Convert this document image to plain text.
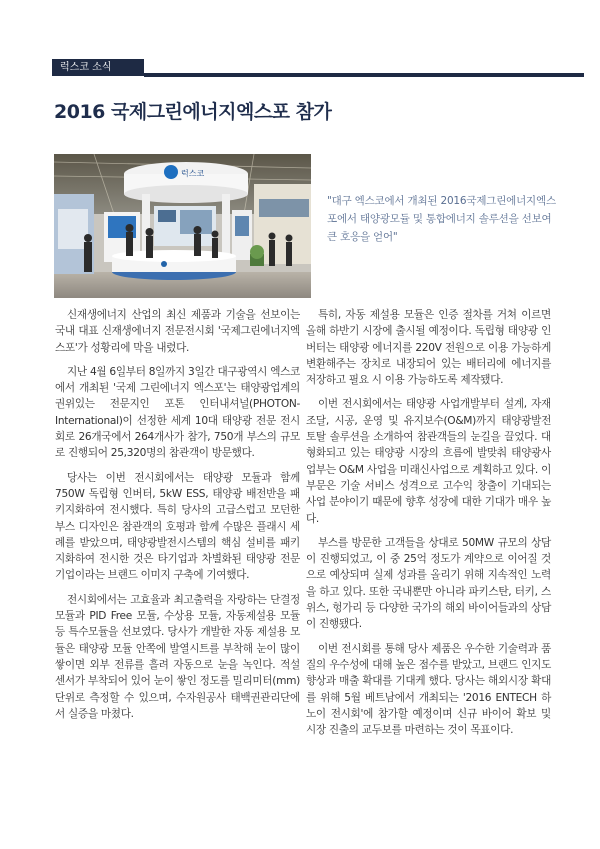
럭스코 소식
2016 국제그린에너지엑스포 참가
럭스코
"대구 엑스코에서 개최된 2016국제그린에너지엑스포에서 태양광모듈 및 통합에너지 솔루션을 선보여 큰 호응을 얻어"

신재생에너지 산업의 최신 제품과 기술을 선보이는 국내 대표 신재생에너지 전문전시회 '국제그린에너지엑스포'가 성황리에 막을 내렸다.

지난 4월 6일부터 8일까지 3일간 대구광역시 엑스코에서 개최된 '국제 그린에너지 엑스포'는 태양광업계의 권위있는 전문지인 포톤 인터내셔널(PHOTON-International)이 선정한 세계 10대 태양광 전문 전시회로 26개국에서 264개사가 참가, 750개 부스의 규모로 진행되어 25,320명의 참관객이 방문했다.

당사는 이번 전시회에서는 태양광 모듈과 함께 750W 독립형 인버터, 5kW ESS, 태양광 배전반을 패키지화하여 전시했다. 특히 당사의 고급스럽고 모던한 부스 디자인은 참관객의 호평과 함께 수많은 플래시 세례를 받았으며, 태양광발전시스템의 핵심 설비를 패키지화하여 전시한 것은 타기업과 차별화된 태양광 전문기업이라는 브랜드 이미지 구축에 기여했다.

전시회에서는 고효율과 최고출력을 자랑하는 단결정 모듈과 PID Free 모듈, 수상용 모듈, 자동제설용 모듈 등 특수모듈을 선보였다. 당사가 개발한 자동 제설용 모듈은 태양광 모듈 안쪽에 발열시트를 부착해 눈이 많이 쌓이면 외부 전류를 흘려 자동으로 눈을 녹인다. 적설 센서가 부착되어 있어 눈이 쌓인 정도를 밀리미터(mm) 단위로 측정할 수 있으며, 수자원공사 태백권관리단에서 실증을 마쳤다.

특히, 자동 제설용 모듈은 인증 절차를 거쳐 이르면 올해 하반기 시장에 출시될 예정이다. 독립형 태양광 인버터는 태양광 에너지를 220V 전원으로 이용 가능하게 변환해주는 장치로 내장되어 있는 배터리에 에너지를 저장하고 필요 시 이용 가능하도록 제작됐다.

이번 전시회에서는 태양광 사업개발부터 설계, 자재조달, 시공, 운영 및 유지보수(O&M)까지 태양광발전 토탈 솔루션을 소개하여 참관객들의 눈길을 끌었다. 대형화되고 있는 태양광 시장의 흐름에 발맞춰 태양광사업부는 O&M 사업을 미래신사업으로 계획하고 있다. 이 부문은 기술 서비스 성격으로 고수익 창출이 기대되는 사업 분야이기 때문에 향후 성장에 대한 기대가 매우 높다.

부스를 방문한 고객들을 상대로 50MW 규모의 상담이 진행되었고, 이 중 25억 정도가 계약으로 이어질 것으로 예상되며 실제 성과를 올리기 위해 지속적인 노력을 하고 있다. 또한 국내뿐만 아니라 파키스탄, 터키, 스위스, 헝가리 등 다양한 국가의 해외 바이어들과의 상담이 진행됐다.

이번 전시회를 통해 당사 제품은 우수한 기술력과 품질의 우수성에 대해 높은 점수를 받았고, 브랜드 인지도 향상과 매출 확대를 기대케 했다. 당사는 해외시장 확대를 위해 5월 베트남에서 개최되는 '2016 ENTECH 하노이 전시회'에 참가할 예정이며 신규 바이어 확보 및 시장 진출의 교두보를 마련하는 것이 목표이다.
